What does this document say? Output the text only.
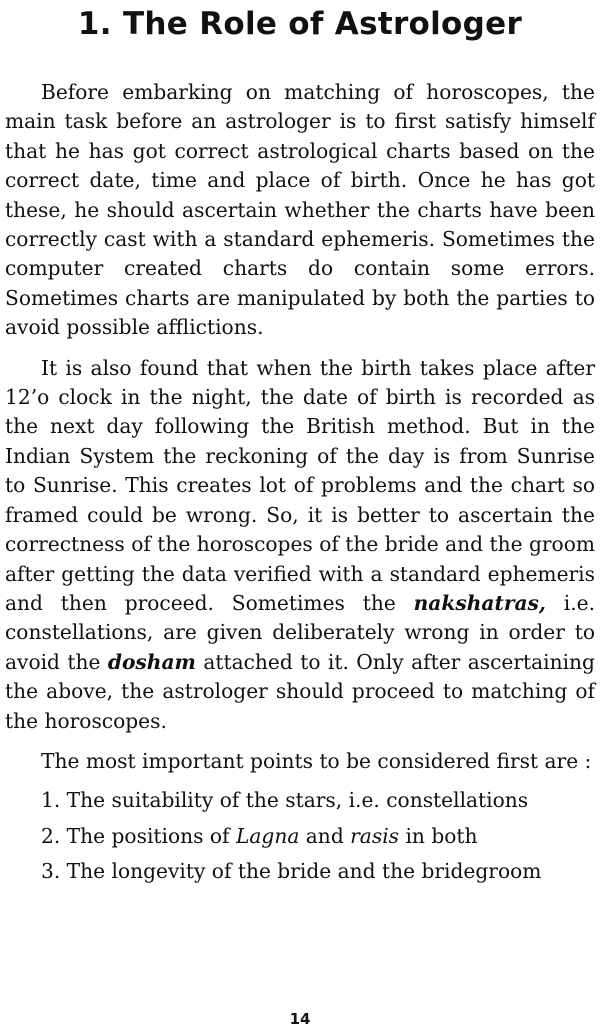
1. The Role of Astrologer

Before embarking on matching of horoscopes, the main task before an astrologer is to first satisfy himself that he has got correct astrological charts based on the correct date, time and place of birth. Once he has got these, he should ascertain whether the charts have been correctly cast with a standard ephemeris. Sometimes the computer created charts do contain some errors. Sometimes charts are manipulated by both the parties to avoid possible afflictions.

It is also found that when the birth takes place after 12’o clock in the night, the date of birth is recorded as the next day following the British method. But in the Indian System the reckoning of the day is from Sunrise to Sunrise. This creates lot of problems and the chart so framed could be wrong. So, it is better to ascertain the correctness of the horoscopes of the bride and the groom after getting the data verified with a standard ephemeris and then proceed. Sometimes the nakshatras, i.e. constellations, are given deliberately wrong in order to avoid the dosham attached to it. Only after ascertaining the above, the astrologer should proceed to matching of the horoscopes.

The most important points to be considered first are :

1. The suitability of the stars, i.e. constellations
2. The positions of Lagna and rasis in both
3. The longevity of the bride and the bridegroom
14
